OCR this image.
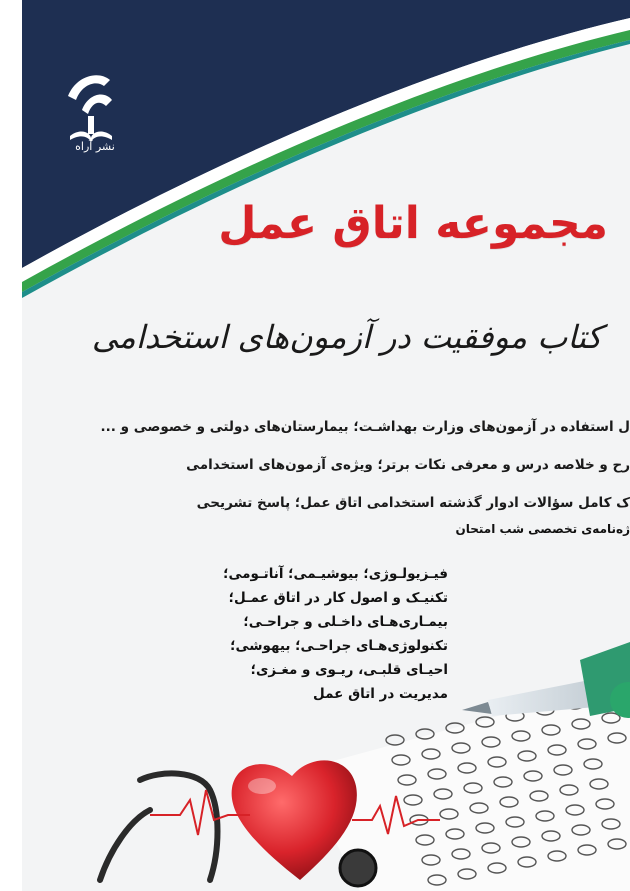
نشر آراه
مجموعه اتاق عمل
کتاب موفقیت در آزمون‌های استخدامی
ل استفاده در آزمون‌های وزارت بهداشـت؛ بیمارستان‌های دولتی و خصوصی و ...
رح و خلاصه درس و معرفی نکات برتر؛ ویژه‌ی آزمون‌های استخدامی
ک کامل سؤالات ادوار گذشته استخدامی اتاق عمل؛ پاسخ تشریحی
ژه‌نامه‌ی تخصصی شب امتحان
فیـزیولـوژی؛ بیوشیـمی؛ آناتـومی؛
تکنیـک و اصول کار در اتاق عمـل؛
بیمـاری‌هـای داخـلی و جراحـی؛
تکنولوژی‌هـای جراحـی؛ بیهوشی؛
احیـای قلبـی، ریـوی و مغـزی؛
مدیریت در اتاق عمل
